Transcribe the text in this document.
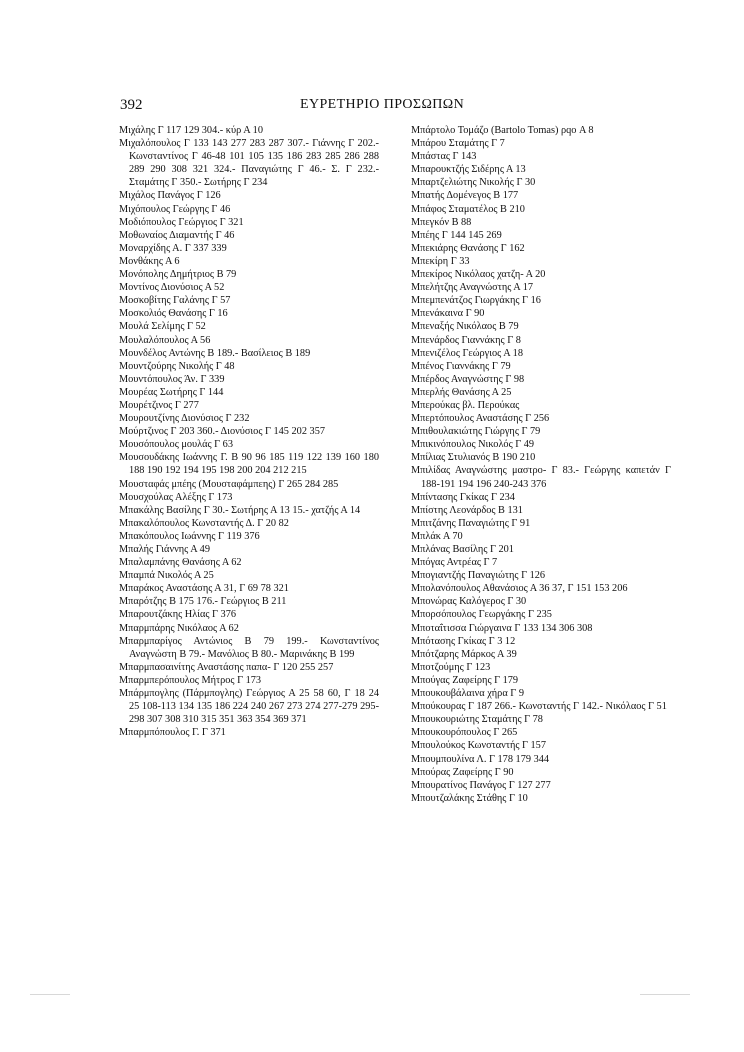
392	ΕΥΡΕΤΗΡΙΟ ΠΡΟΣΩΠΩΝ
Μιχάλης Γ 117 129 304.- κύρ Α 10
Μιχαλόπουλος Γ 133 143 277 283 287 307.- Γιάννης Γ 202.- Κωνσταντίνος Γ 46-48 101 105 135 186 283 285 286 288 289 290 308 321 324.- Παναγιώτης Γ 46.- Σ. Γ 232.- Σταμάτης Γ 350.- Σωτήρης Γ 234
Μιχάλος Πανάγος Γ 126
Μιχόπουλος Γεώργης Γ 46
Μοδιόπουλος Γεώργιος Γ 321
Μοθωναίος Διαμαντής Γ 46
Μοναρχίδης Α. Γ 337 339
Μονθάκης Α 6
Μονόπολης Δημήτριος Β 79
Μοντίνος Διονύσιος Α 52
Μοσκοβίτης Γαλάνης Γ 57
Μοσκολιός Θανάσης Γ 16
Μουλά Σελίμης Γ 52
Μουλαλόπουλος Α 56
Μουνδέλος Αντώνης Β 189.- Βασίλειος Β 189
Μουντζούρης Νικολής Γ 48
Μουντόπουλος Άν. Γ 339
Μουρέας Σωτήρης Γ 144
Μουρέτζινος Γ 277
Μουρουτζίνης Διονύσιος Γ 232
Μούρτζινος Γ 203 360.- Διονύσιος Γ 145 202 357
Μουσόπουλος μουλάς Γ 63
Μουσουδάκης Ιωάννης Γ. Β 90 96 185 119 122 139 160 180 188 190 192 194 195 198 200 204 212 215
Μουσταφάς μπέης (Μουσταφάμπεης) Γ 265 284 285
Μουσχούλας Αλέξης Γ 173
Μπακάλης Βασίλης Γ 30.- Σωτήρης Α 13 15.- χατζής Α 14
Μπακαλόπουλος Κωνσταντής Δ. Γ 20 82
Μπακόπουλος Ιωάννης Γ 119 376
Μπαλής Γιάννης Α 49
Μπαλαμπάνης Θανάσης Α 62
Μπαμπά Νικολός Α 25
Μπαράκος Αναστάσης Α 31, Γ 69 78 321
Μπαρότζης Β 175 176.- Γεώργιος Β 211
Μπαρουτζάκης Ηλίας Γ 376
Μπαρμπάρης Νικόλαος Α 62
Μπαρμπαρίγος Αντώνιος Β 79 199.- Κωνσταντίνος Αναγνώστη Β 79.- Μανόλιος Β 80.- Μαρινάκης Β 199
Μπαρμπασαινίτης Αναστάσης παπα- Γ 120 255 257
Μπαρμπερόπουλος Μήτρος Γ 173
Μπάρμπογλης (Πάρμπογλης) Γεώργιος Α 25 58 60, Γ 18 24 25 108-113 134 135 186 224 240 267 273 274 277-279 295-298 307 308 310 315 351 363 354 369 371
Μπαρμπόπουλος Γ. Γ 371
Μπάρτολο Τομάζο (Bartolo Tomas) ρqo Α 8
Μπάρου Σταμάτης Γ 7
Μπάστας Γ 143
Μπαρουκτζής Σιδέρης Α 13
Μπαρτζελιώτης Νικολής Γ 30
Μπατής Δομένεγος Β 177
Μπάφος Σταματέλος Β 210
Μπεγκόν Β 88
Μπέης Γ 144 145 269
Μπεκιάρης Θανάσης Γ 162
Μπεκίρη Γ 33
Μπεκίρος Νικόλαος χατζη- Α 20
Μπελήτζης Αναγνώστης Α 17
Μπεμπενάτζος Γιωργάκης Γ 16
Μπενάκαινα Γ 90
Μπεναξής Νικόλαος Β 79
Μπενάρδος Γιαννάκης Γ 8
Μπενιζέλος Γεώργιος Α 18
Μπένος Γιαννάκης Γ 79
Μπέρδος Αναγνώστης Γ 98
Μπερλής Θανάσης Α 25
Μπερούκας βλ. Περούκας
Μπερτόπουλος Αναστάσης Γ 256
Μπιθουλακιώτης Γιώργης Γ 79
Μπικινόπουλος Νικολός Γ 49
Μπίλιας Στυλιανός Β 190 210
Μπιλίδας Αναγνώστης μαστρο- Γ 83.- Γεώργης καπετάν Γ 188-191 194 196 240-243 376
Μπίντασης Γκίκας Γ 234
Μπίστης Λεονάρδος Β 131
Μπιτζάνης Παναγιώτης Γ 91
Μπλάκ Α 70
Μπλάνας Βασίλης Γ 201
Μπόγας Αντρέας Γ 7
Μπογιαντζής Παναγιώτης Γ 126
Μπολανόπουλος Αθανάσιος Α 36 37, Γ 151 153 206
Μπονώρας Καλόγερος Γ 30
Μπορσόπουλος Γεωργάκης Γ 235
Μποταΐτισσα Γιώργαινα Γ 133 134 306 308
Μπότασης Γκίκας Γ 3 12
Μπότζαρης Μάρκος Α 39
Μποτζούμης Γ 123
Μπούγας Ζαφείρης Γ 179
Μπουκουβάλαινα χήρα Γ 9
Μπούκουρας Γ 187 266.- Κωνσταντής Γ 142.- Νικόλαος Γ 51
Μπουκουριώτης Σταμάτης Γ 78
Μπουκουρόπουλος Γ 265
Μπουλούκος Κωνσταντής Γ 157
Μπουμπουλίνα Λ. Γ 178 179 344
Μπούρας Ζαφείρης Γ 90
Μπουρατίνος Πανάγος Γ 127 277
Μπουτζαλάκης Στάθης Γ 10
